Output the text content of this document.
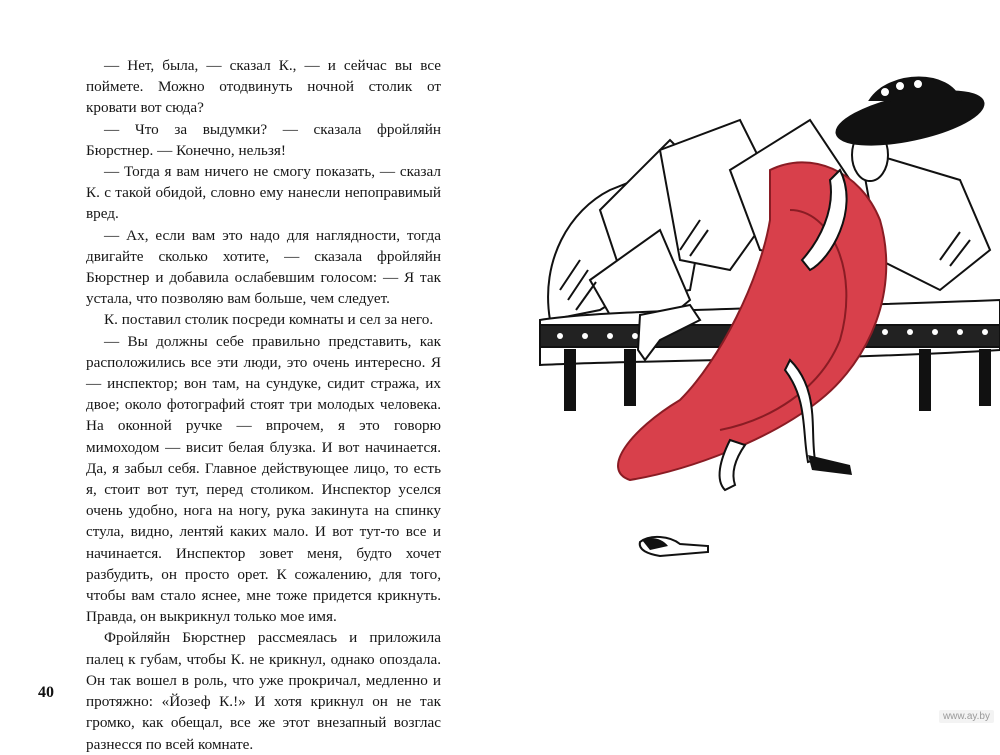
— Нет, была, — сказал К., — и сейчас вы все поймете. Можно отодвинуть ночной столик от кровати вот сюда?

— Что за выдумки? — сказала фройляйн Бюрстнер. — Конечно, нельзя!

— Тогда я вам ничего не смогу показать, — сказал К. с такой обидой, словно ему нанесли непоправимый вред.

— Ах, если вам это надо для наглядности, тогда двигайте сколько хотите, — сказала фройляйн Бюрстнер и добавила ослабевшим голосом: — Я так устала, что позволяю вам больше, чем следует.

К. поставил столик посреди комнаты и сел за него.

— Вы должны себе правильно представить, как расположились все эти люди, это очень интересно. Я — инспектор; вон там, на сундуке, сидит стража, их двое; около фотографий стоят три молодых человека. На оконной ручке — впрочем, я это говорю мимоходом — висит белая блузка. И вот начинается. Да, я забыл себя. Главное действующее лицо, то есть я, стоит вот тут, перед столиком. Инспектор уселся очень удобно, нога на ногу, рука закинута на спинку стула, видно, лентяй каких мало. И вот тут-то все и начинается. Инспектор зовет меня, будто хочет разбудить, он просто орет. К сожалению, для того, чтобы вам стало яснее, мне тоже придется крикнуть. Правда, он выкрикнул только мое имя.

Фройляйн Бюрстнер рассмеялась и приложила палец к губам, чтобы К. не крикнул, однако опоздала. Он так вошел в роль, что уже прокричал, медленно и протяжно: «Йозеф К.!» И хотя крикнул он не так громко, как обещал, все же этот внезапный возглас разнесся по всей комнате.

40
www.ay.by
